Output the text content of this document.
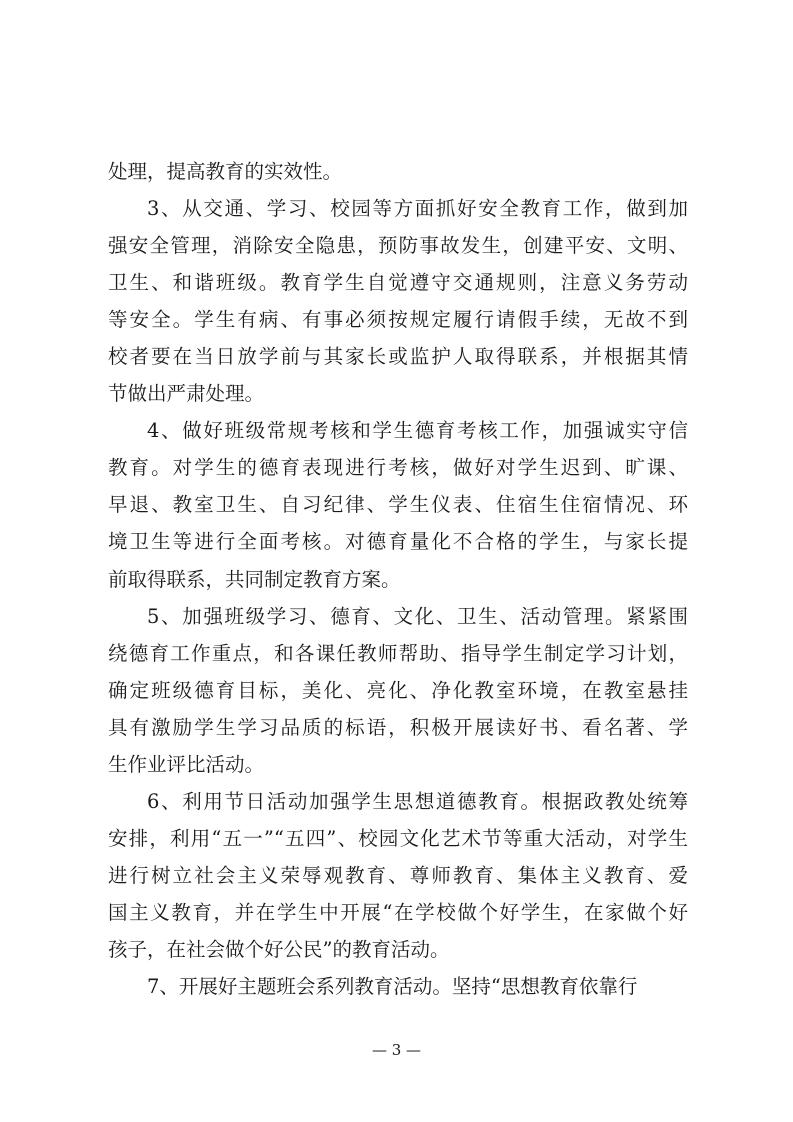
处理，提高教育的实效性。
3、从交通、学习、校园等方面抓好安全教育工作，做到加
强安全管理，消除安全隐患，预防事故发生，创建平安、文明、
卫生、和谐班级。教育学生自觉遵守交通规则，注意义务劳动
等安全。学生有病、有事必须按规定履行请假手续，无故不到
校者要在当日放学前与其家长或监护人取得联系，并根据其情
节做出严肃处理。
4、做好班级常规考核和学生德育考核工作，加强诚实守信
教育。对学生的德育表现进行考核，做好对学生迟到、旷课、
早退、教室卫生、自习纪律、学生仪表、住宿生住宿情况、环
境卫生等进行全面考核。对德育量化不合格的学生，与家长提
前取得联系，共同制定教育方案。
5、加强班级学习、德育、文化、卫生、活动管理。紧紧围
绕德育工作重点，和各课任教师帮助、指导学生制定学习计划，
确定班级德育目标，美化、亮化、净化教室环境，在教室悬挂
具有激励学生学习品质的标语，积极开展读好书、看名著、学
生作业评比活动。
6、利用节日活动加强学生思想道德教育。根据政教处统筹
安排，利用“五一”“五四”、校园文化艺术节等重大活动，对学生
进行树立社会主义荣辱观教育、尊师教育、集体主义教育、爱
国主义教育，并在学生中开展“在学校做个好学生，在家做个好
孩子，在社会做个好公民”的教育活动。
7、开展好主题班会系列教育活动。坚持“思想教育依靠行
— 3 —
